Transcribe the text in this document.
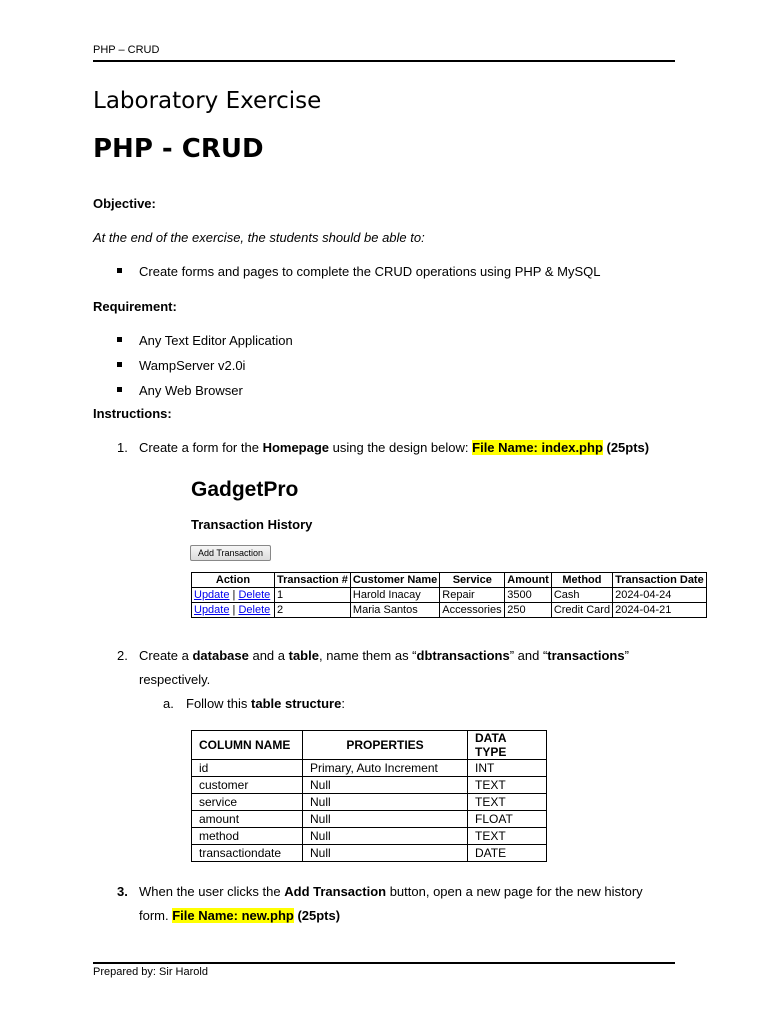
PHP – CRUD
Laboratory Exercise
PHP - CRUD
Objective:
At the end of the exercise, the students should be able to:
Create forms and pages to complete the CRUD operations using PHP & MySQL
Requirement:
Any Text Editor Application
WampServer v2.0i
Any Web Browser
Instructions:
1. Create a form for the Homepage using the design below: File Name: index.php (25pts)
GadgetPro
Transaction History
Add Transaction
Action	Transaction #	Customer Name	Service	Amount	Method	Transaction Date
Update | Delete	1	Harold Inacay	Repair	3500	Cash	2024-04-24
Update | Delete	2	Maria Santos	Accessories	250	Credit Card	2024-04-21
2. Create a database and a table, name them as “dbtransactions” and “transactions”
respectively.
a. Follow this table structure:
COLUMN NAME	PROPERTIES	DATA TYPE
id	Primary, Auto Increment	INT
customer	Null	TEXT
service	Null	TEXT
amount	Null	FLOAT
method	Null	TEXT
transactiondate	Null	DATE
3. When the user clicks the Add Transaction button, open a new page for the new history
form. File Name: new.php (25pts)
Prepared by: Sir Harold
